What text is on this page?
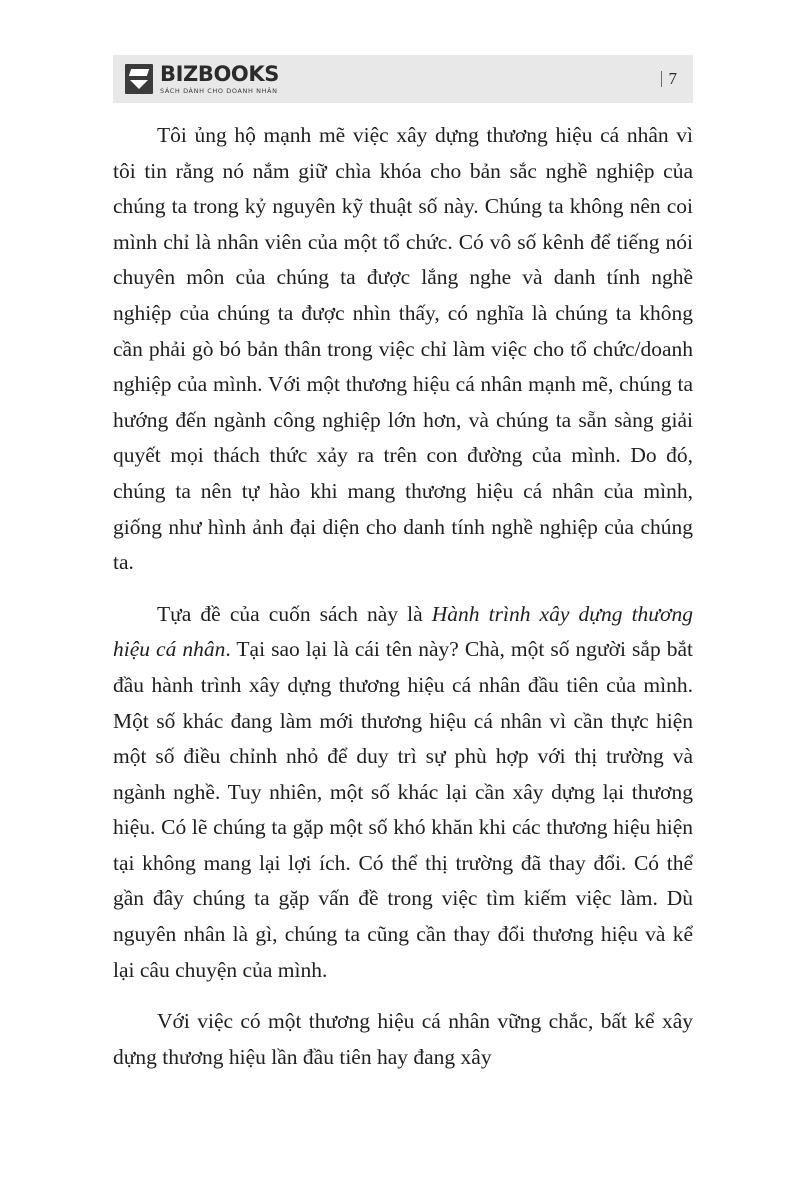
BIZBOOKS
SÁCH DÀNH CHO DOANH NHÂN
7

Tôi ủng hộ mạnh mẽ việc xây dựng thương hiệu cá nhân vì tôi tin rằng nó nắm giữ chìa khóa cho bản sắc nghề nghiệp của chúng ta trong kỷ nguyên kỹ thuật số này. Chúng ta không nên coi mình chỉ là nhân viên của một tổ chức. Có vô số kênh để tiếng nói chuyên môn của chúng ta được lắng nghe và danh tính nghề nghiệp của chúng ta được nhìn thấy, có nghĩa là chúng ta không cần phải gò bó bản thân trong việc chỉ làm việc cho tổ chức/doanh nghiệp của mình. Với một thương hiệu cá nhân mạnh mẽ, chúng ta hướng đến ngành công nghiệp lớn hơn, và chúng ta sẵn sàng giải quyết mọi thách thức xảy ra trên con đường của mình. Do đó, chúng ta nên tự hào khi mang thương hiệu cá nhân của mình, giống như hình ảnh đại diện cho danh tính nghề nghiệp của chúng ta.

Tựa đề của cuốn sách này là Hành trình xây dựng thương hiệu cá nhân. Tại sao lại là cái tên này? Chà, một số người sắp bắt đầu hành trình xây dựng thương hiệu cá nhân đầu tiên của mình. Một số khác đang làm mới thương hiệu cá nhân vì cần thực hiện một số điều chỉnh nhỏ để duy trì sự phù hợp với thị trường và ngành nghề. Tuy nhiên, một số khác lại cần xây dựng lại thương hiệu. Có lẽ chúng ta gặp một số khó khăn khi các thương hiệu hiện tại không mang lại lợi ích. Có thể thị trường đã thay đổi. Có thể gần đây chúng ta gặp vấn đề trong việc tìm kiếm việc làm. Dù nguyên nhân là gì, chúng ta cũng cần thay đổi thương hiệu và kể lại câu chuyện của mình.

Với việc có một thương hiệu cá nhân vững chắc, bất kể xây dựng thương hiệu lần đầu tiên hay đang xây
